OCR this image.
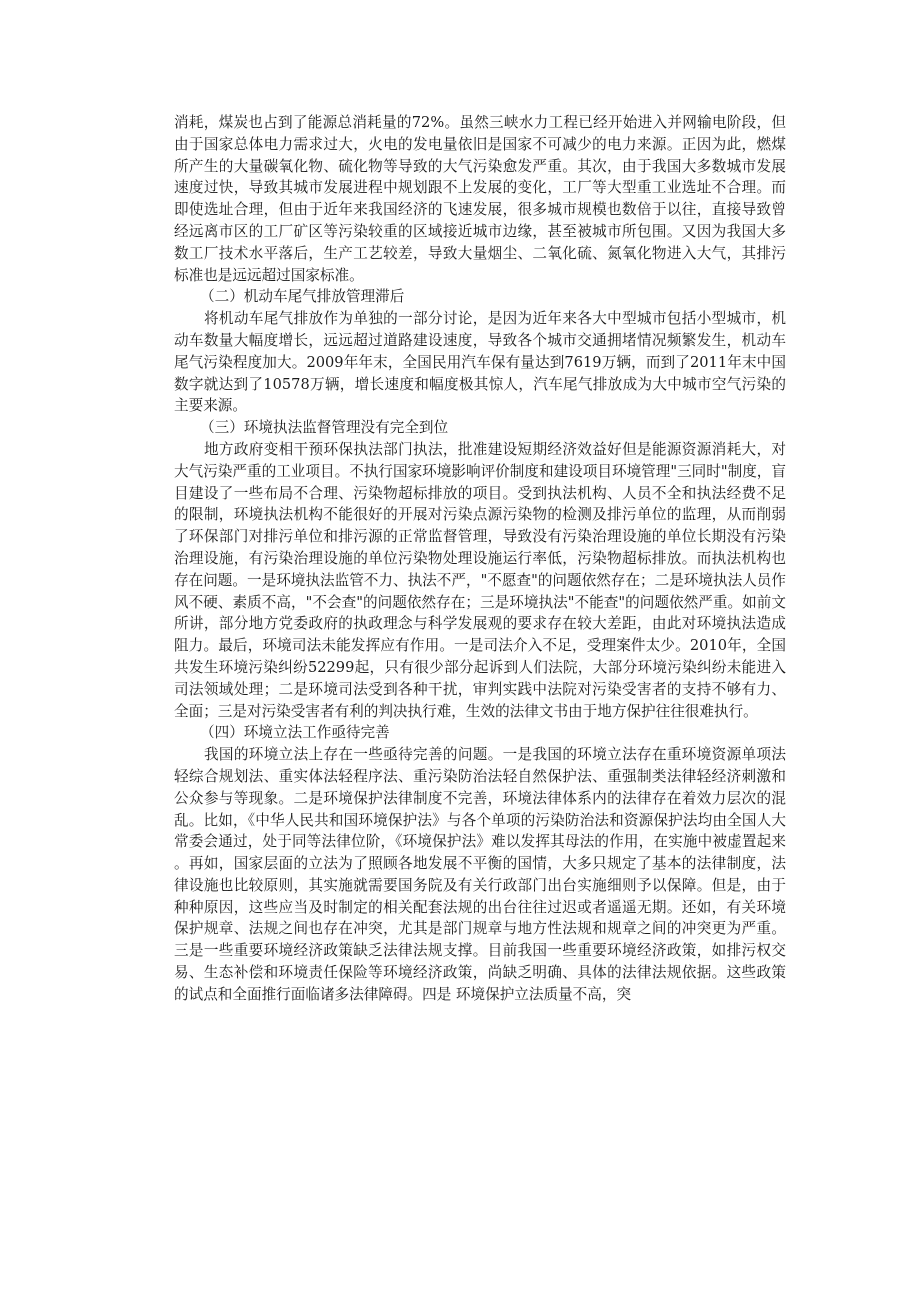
消耗，煤炭也占到了能源总消耗量的72%。虽然三峡水力工程已经开始进入并网输电阶段，但由于国家总体电力需求过大，火电的发电量依旧是国家不可减少的电力来源。正因为此，燃煤所产生的大量碳氧化物、硫化物等导致的大气污染愈发严重。其次，由于我国大多数城市发展速度过快，导致其城市发展进程中规划跟不上发展的变化，工厂等大型重工业选址不合理。而即使选址合理，但由于近年来我国经济的飞速发展，很多城市规模也数倍于以往，直接导致曾经远离市区的工厂矿区等污染较重的区域接近城市边缘，甚至被城市所包围。又因为我国大多数工厂技术水平落后，生产工艺较差，导致大量烟尘、二氧化硫、氮氧化物进入大气，其排污标准也是远远超过国家标准。

（二）机动车尾气排放管理滞后

将机动车尾气排放作为单独的一部分讨论，是因为近年来各大中型城市包括小型城市，机动车数量大幅度增长，远远超过道路建设速度，导致各个城市交通拥堵情况频繁发生，机动车尾气污染程度加大。2009年年末，全国民用汽车保有量达到7619万辆，而到了2011年末中国数字就达到了10578万辆，增长速度和幅度极其惊人，汽车尾气排放成为大中城市空气污染的主要来源。

（三）环境执法监督管理没有完全到位

地方政府变相干预环保执法部门执法，批准建设短期经济效益好但是能源资源消耗大，对大气污染严重的工业项目。不执行国家环境影响评价制度和建设项目环境管理"三同时"制度，盲目建设了一些布局不合理、污染物超标排放的项目。受到执法机构、人员不全和执法经费不足的限制，环境执法机构不能很好的开展对污染点源污染物的检测及排污单位的监理，从而削弱了环保部门对排污单位和排污源的正常监督管理，导致没有污染治理设施的单位长期没有污染治理设施，有污染治理设施的单位污染物处理设施运行率低，污染物超标排放。而执法机构也存在问题。一是环境执法监管不力、执法不严，"不愿查"的问题依然存在；二是环境执法人员作风不硬、素质不高，"不会查"的问题依然存在；三是环境执法"不能查"的问题依然严重。如前文所讲，部分地方党委政府的执政理念与科学发展观的要求存在较大差距，由此对环境执法造成阻力。最后，环境司法未能发挥应有作用。一是司法介入不足，受理案件太少。2010年，全国共发生环境污染纠纷52299起，只有很少部分起诉到人们法院，大部分环境污染纠纷未能进入司法领域处理；二是环境司法受到各种干扰，审判实践中法院对污染受害者的支持不够有力、全面；三是对污染受害者有利的判决执行难，生效的法律文书由于地方保护往往很难执行。

（四）环境立法工作亟待完善

我国的环境立法上存在一些亟待完善的问题。一是我国的环境立法存在重环境资源单项法轻综合规划法、重实体法轻程序法、重污染防治法轻自然保护法、重强制类法律轻经济刺激和公众参与等现象。二是环境保护法律制度不完善，环境法律体系内的法律存在着效力层次的混乱。比如，《中华人民共和国环境保护法》与各个单项的污染防治法和资源保护法均由全国人大常委会通过，处于同等法律位阶，《环境保护法》难以发挥其母法的作用，在实施中被虚置起来。再如，国家层面的立法为了照顾各地发展不平衡的国情，大多只规定了基本的法律制度，法律设施也比较原则，其实施就需要国务院及有关行政部门出台实施细则予以保障。但是，由于种种原因，这些应当及时制定的相关配套法规的出台往往过迟或者遥遥无期。还如，有关环境保护规章、法规之间也存在冲突，尤其是部门规章与地方性法规和规章之间的冲突更为严重。三是一些重要环境经济政策缺乏法律法规支撑。目前我国一些重要环境经济政策，如排污权交易、生态补偿和环境责任保险等环境经济政策，尚缺乏明确、具体的法律法规依据。这些政策的试点和全面推行面临诸多法律障碍。四是 环境保护立法质量不高，突
